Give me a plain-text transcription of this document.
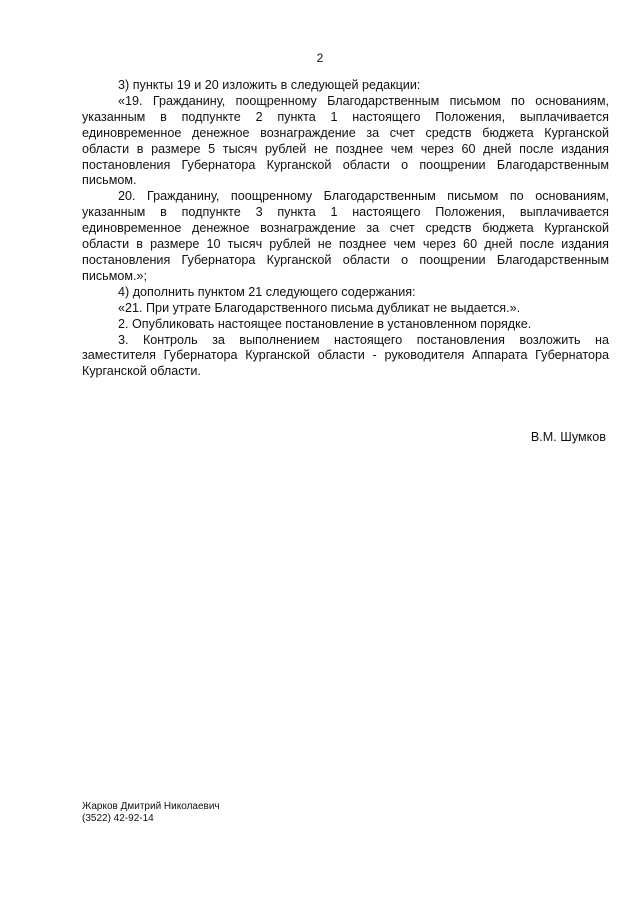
2

3) пункты 19 и 20 изложить в следующей редакции:

«19. Гражданину, поощренному Благодарственным письмом по основаниям, указанным в подпункте 2 пункта 1 настоящего Положения, выплачивается единовременное денежное вознаграждение за счет средств бюджета Курганской области в размере 5 тысяч рублей не позднее чем через 60 дней после издания постановления Губернатора Курганской области о поощрении Благодарственным письмом.

20. Гражданину, поощренному Благодарственным письмом по основаниям, указанным в подпункте 3 пункта 1 настоящего Положения, выплачивается единовременное денежное вознаграждение за счет средств бюджета Курганской области в размере 10 тысяч рублей не позднее чем через 60 дней после издания постановления Губернатора Курганской области о поощрении Благодарственным письмом.»;

4) дополнить пунктом 21 следующего содержания:

«21. При утрате Благодарственного письма дубликат не выдается.».

2. Опубликовать настоящее постановление в установленном порядке.

3. Контроль за выполнением настоящего постановления возложить на заместителя Губернатора Курганской области - руководителя Аппарата Губернатора Курганской области.

В.М. Шумков
Жарков Дмитрий Николаевич
(3522) 42-92-14
